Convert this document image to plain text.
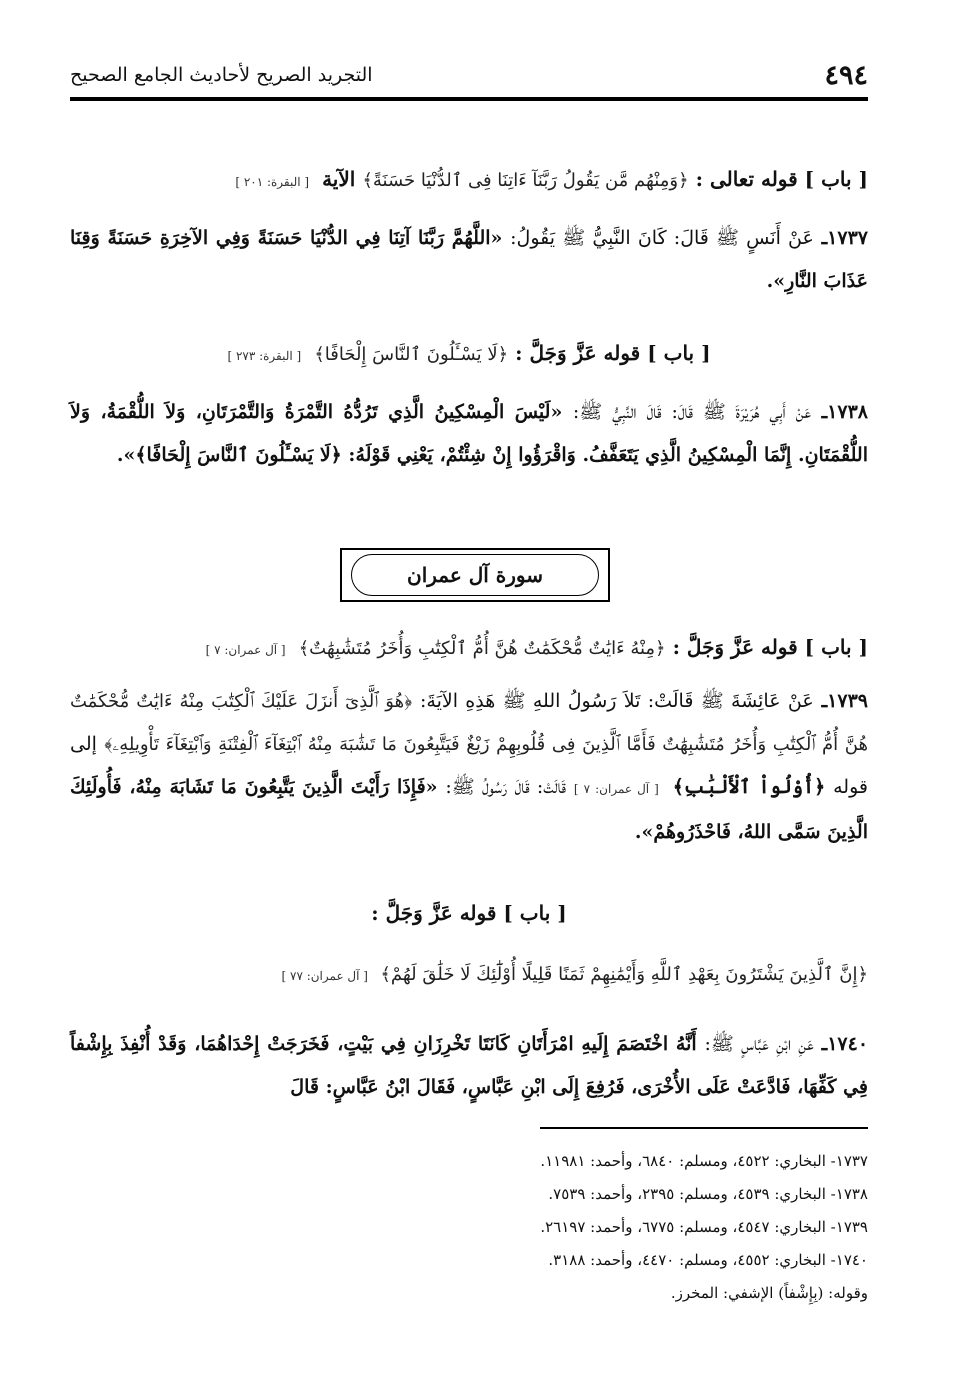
٤٩٤
التجريد الصريح لأحاديث الجامع الصحيح
[ باب ] قوله تعالى : ﴿وَمِنْهُم مَّن يَقُولُ رَبَّنَآ ءَاتِنَا فِى ٱلدُّنْيَا حَسَنَةً﴾ الآية [ البقرة: ٢٠١ ]
١٧٣٧ـ عَنْ أَنَسٍ ﷺ قَالَ: كَانَ النَّبِيُّ ﷺ يَقُولُ: «اللَّهُمَّ رَبَّنَا آتِنَا فِي الدُّنْيَا حَسَنَةً وَفِي الآخِرَةِ حَسَنَةً وَقِنَا عَذَابَ النَّارِ».
[ باب ] قوله عَزَّ وَجَلَّ : ﴿لَا يَسْـَٔلُونَ ٱلنَّاسَ إِلْحَافًا﴾ [ البقرة: ٢٧٣ ]
١٧٣٨ـ عَنْ أَبِي هُرَيْرَةَ ﷺ قَالَ: قَالَ النَّبِيُّ ﷺ: «لَيْسَ الْمِسْكِينُ الَّذِي تَرُدُّهُ التَّمْرَةُ وَالتَّمْرَتَانِ، وَلاَ اللُّقْمَةُ، وَلاَ اللُّقْمَتَانِ. إِنَّمَا الْمِسْكِينُ الَّذِي يَتَعَفَّفُ. وَاقْرَؤُوا إِنْ شِئْتُمْ، يَعْنِي قَوْلَهُ: ﴿لَا يَسْـَٔلُونَ ٱلنَّاسَ إِلْحَافًا﴾».
سورة آل عمران
[ باب ] قوله عَزَّ وَجَلَّ : ﴿مِنْهُ ءَايَٰتٌ مُّحْكَمَٰتٌ هُنَّ أُمُّ ٱلْكِتَٰبِ وَأُخَرُ مُتَشَٰبِهَٰتٌ﴾ [ آل عمران: ٧ ]
١٧٣٩ـ عَنْ عَائِشَةَ ﷺ قَالَتْ: تَلاَ رَسُولُ اللهِ ﷺ هَذِهِ الآيَةَ: ﴿هُوَ ٱلَّذِىٓ أَنزَلَ عَلَيْكَ ٱلْكِتَٰبَ مِنْهُ ءَايَٰتٌ مُّحْكَمَٰتٌ هُنَّ أُمُّ ٱلْكِتَٰبِ وَأُخَرُ مُتَشَٰبِهَٰتٌ فَأَمَّا ٱلَّذِينَ فِى قُلُوبِهِمْ زَيْغٌ فَيَتَّبِعُونَ مَا تَشَٰبَهَ مِنْهُ ٱبْتِغَآءَ ٱلْفِتْنَةِ وَٱبْتِغَآءَ تَأْوِيلِهِۦ﴾ إلى قوله ﴿أُوْلُواْ ٱلْأَلْبَٰبِ﴾ [ آل عمران: ٧ ] قَالَتْ: قَالَ رَسُولُ ﷺ: «فَإِذَا رَأَيْتَ الَّذِينَ يَتَّبِعُونَ مَا تَشَابَهَ مِنْهُ، فَأُولَئِكَ الَّذِينَ سَمَّى اللهُ، فَاحْذَرُوهُمْ».
[ باب ] قوله عَزَّ وَجَلَّ :
﴿إِنَّ ٱلَّذِينَ يَشْتَرُونَ بِعَهْدِ ٱللَّهِ وَأَيْمَٰنِهِمْ ثَمَنًا قَلِيلًا أُوْلَٰٓئِكَ لَا خَلَٰقَ لَهُمْ﴾ [ آل عمران: ٧٧ ]
١٧٤٠ـ عَنِ ابْنِ عَبَّاسٍ ﷺ: أَنَّهُ اخْتَصَمَ إِلَيهِ امْرَأَتَانِ كَانَتَا تَخْرِزَانِ فِي بَيْتٍ، فَخَرَجَتْ إِحْدَاهُمَا، وَقَدْ أُنْفِذَ بِإِشْفاً فِي كَفِّهَا، فَادَّعَتْ عَلَى الأُخْرَى، فَرُفِعَ إِلَى ابْنِ عَبَّاسٍ، فَقَالَ ابْنُ عَبَّاسٍ: قَالَ
١٧٣٧- البخاري: ٤٥٢٢، ومسلم: ٦٨٤٠، وأحمد: ١١٩٨١.
١٧٣٨- البخاري: ٤٥٣٩، ومسلم: ٢٣٩٥، وأحمد: ٧٥٣٩.
١٧٣٩- البخاري: ٤٥٤٧، ومسلم: ٦٧٧٥، وأحمد: ٢٦١٩٧.
١٧٤٠- البخاري: ٤٥٥٢، ومسلم: ٤٤٧٠، وأحمد: ٣١٨٨.
وقوله: (بِإِشْفاً) الإشفي: المخرز.
